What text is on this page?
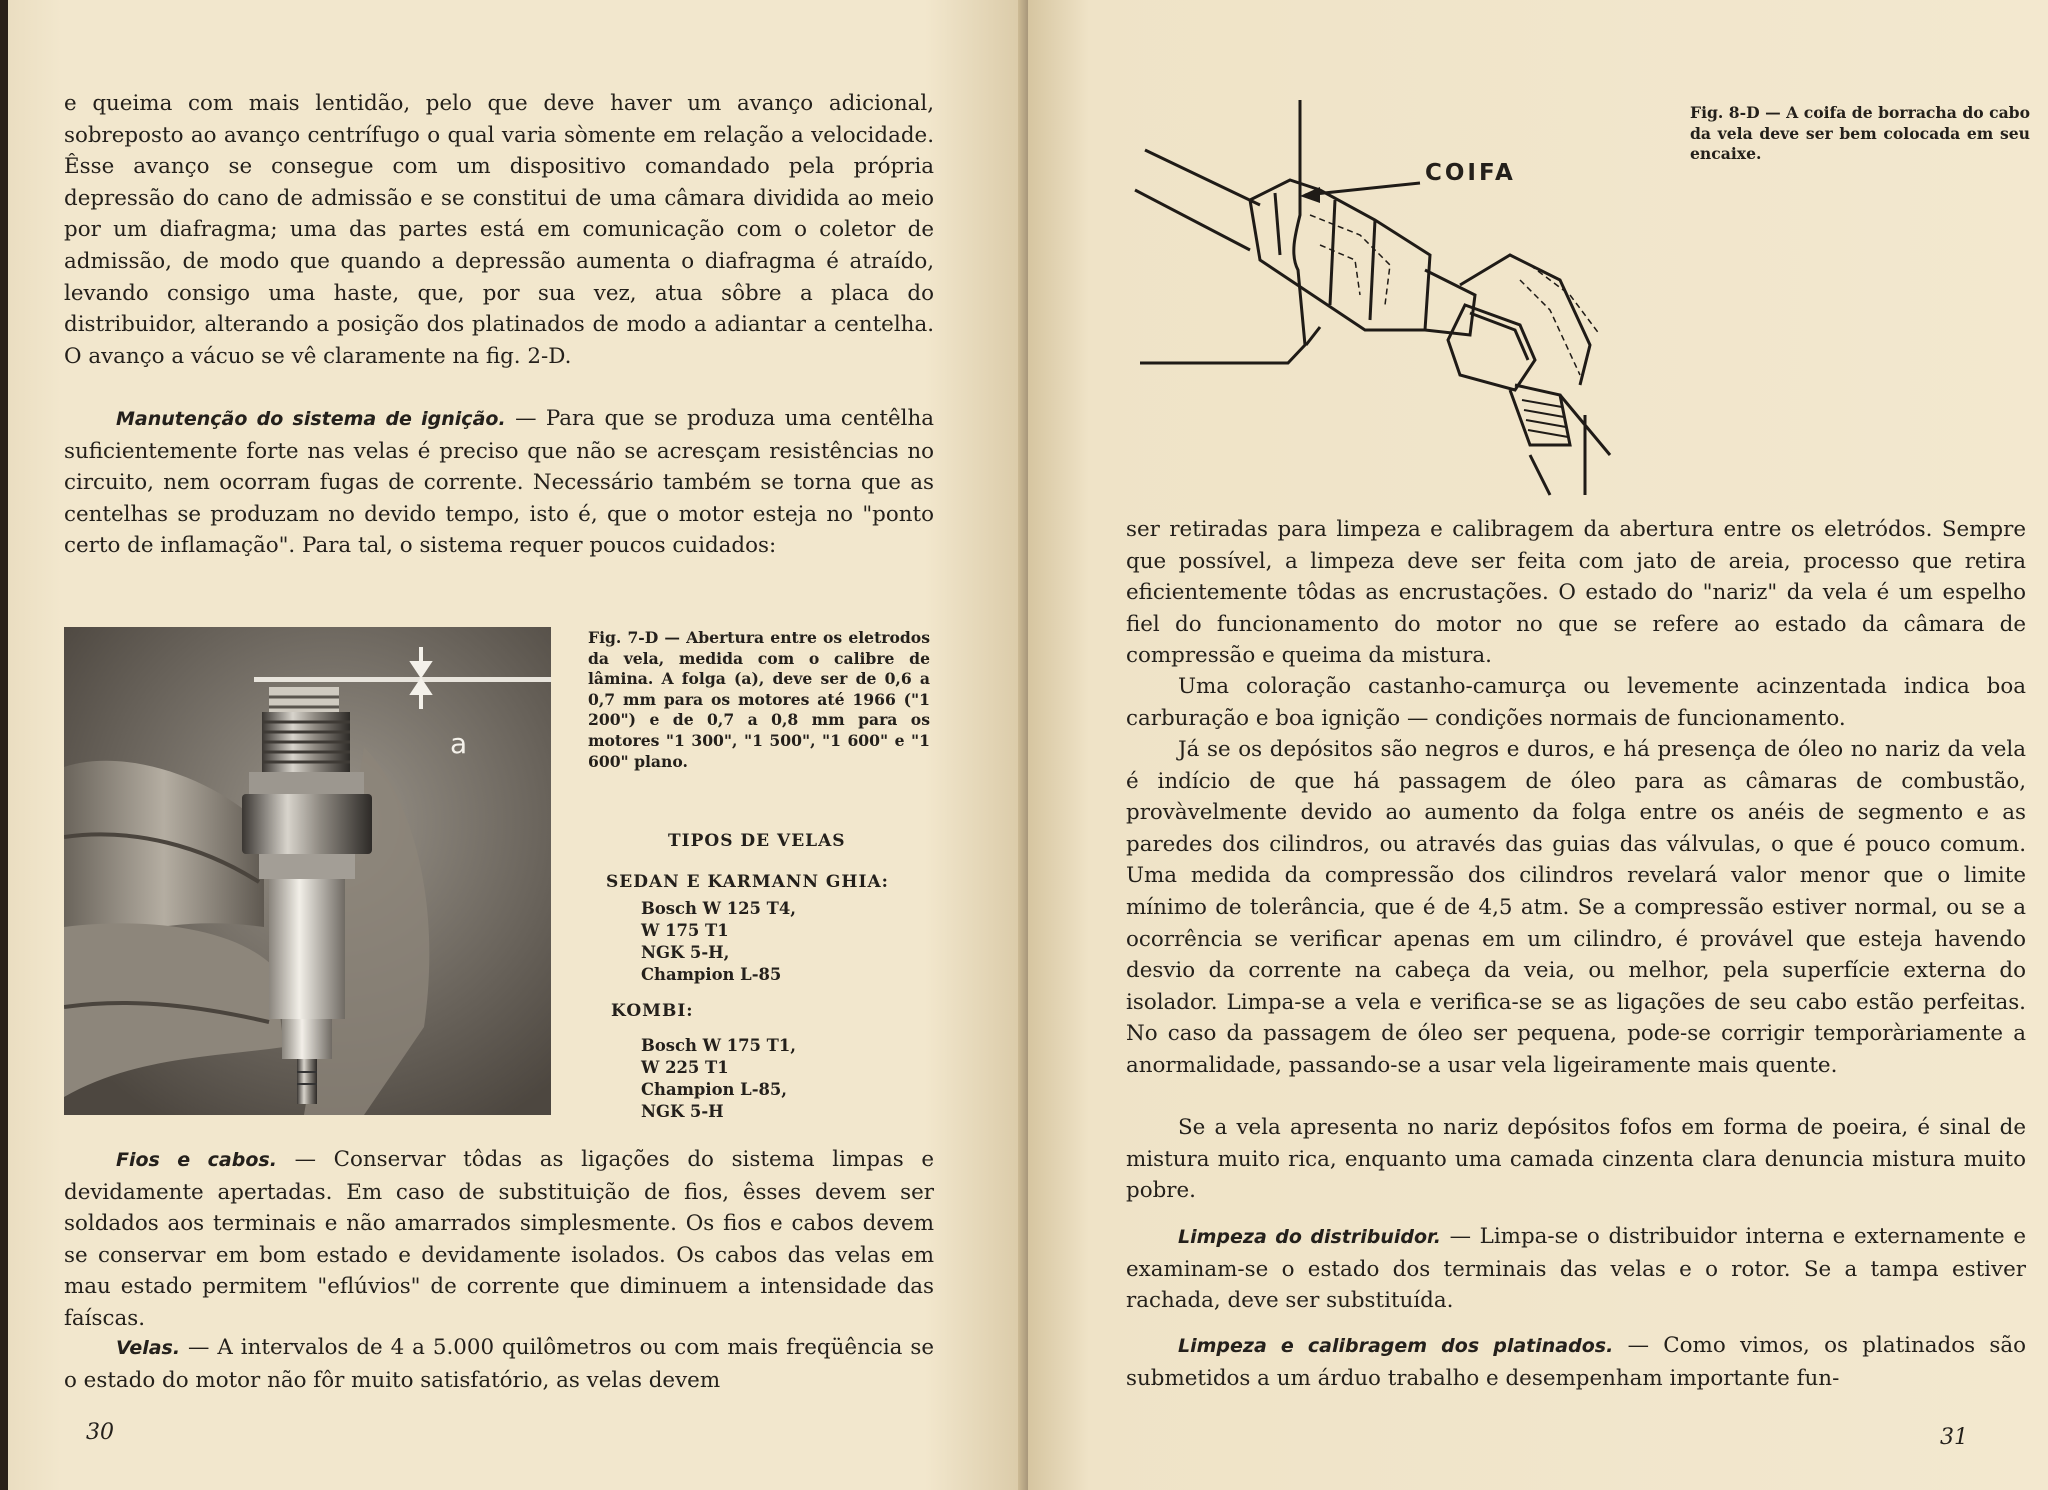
e queima com mais lentidão, pelo que deve haver um avanço adicional, sobreposto ao avanço centrífugo o qual varia sòmente em relação a velocidade. Êsse avanço se consegue com um dispositivo comandado pela própria depressão do cano de admissão e se constitui de uma câmara dividida ao meio por um diafragma; uma das partes está em comunicação com o coletor de admissão, de modo que quando a depressão aumenta o diafragma é atraído, levando consigo uma haste, que, por sua vez, atua sôbre a placa do distribuidor, alterando a posição dos platinados de modo a adiantar a centelha. O avanço a vácuo se vê claramente na fig. 2-D.

Manutenção do sistema de ignição. — Para que se produza uma centêlha suficientemente forte nas velas é preciso que não se acresçam resistências no circuito, nem ocorram fugas de corrente. Necessário também se torna que as centelhas se produzam no devido tempo, isto é, que o motor esteja no "ponto certo de inflamação". Para tal, o sistema requer poucos cuidados:

a

Fig. 7-D — Abertura entre os eletrodos da vela, medida com o calibre de lâmina. A folga (a), deve ser de 0,6 a 0,7 mm para os motores até 1966 ("1 200") e de 0,7 a 0,8 mm para os motores "1 300", "1 500", "1 600" e "1 600" plano.

TIPOS DE VELAS

SEDAN E KARMANN GHIA:

Bosch W 125 T4,
W 175 T1
NGK 5-H,
Champion L-85

KOMBI:

Bosch W 175 T1,
W 225 T1
Champion L-85,
NGK 5-H

Fios e cabos. — Conservar tôdas as ligações do sistema limpas e devidamente apertadas. Em caso de substituição de fios, êsses devem ser soldados aos terminais e não amarrados simplesmente. Os fios e cabos devem se conservar em bom estado e devidamente isolados. Os cabos das velas em mau estado permitem "eflúvios" de corrente que diminuem a intensidade das faíscas.

Velas. — A intervalos de 4 a 5.000 quilômetros ou com mais freqüência se o estado do motor não fôr muito satisfatório, as velas devem

30
COIFA

Fig. 8-D — A coifa de borracha do cabo da vela deve ser bem colocada em seu encaixe.

ser retiradas para limpeza e calibragem da abertura entre os eletródos. Sempre que possível, a limpeza deve ser feita com jato de areia, processo que retira eficientemente tôdas as encrustações. O estado do "nariz" da vela é um espelho fiel do funcionamento do motor no que se refere ao estado da câmara de compressão e queima da mistura.

Uma coloração castanho-camurça ou levemente acinzentada indica boa carburação e boa ignição — condições normais de funcionamento.

Já se os depósitos são negros e duros, e há presença de óleo no nariz da vela é indício de que há passagem de óleo para as câmaras de combustão, provàvelmente devido ao aumento da folga entre os anéis de segmento e as paredes dos cilindros, ou através das guias das válvulas, o que é pouco comum. Uma medida da compressão dos cilindros revelará valor menor que o limite mínimo de tolerância, que é de 4,5 atm. Se a compressão estiver normal, ou se a ocorrência se verificar apenas em um cilindro, é provável que esteja havendo desvio da corrente na cabeça da veia, ou melhor, pela superfície externa do isolador. Limpa-se a vela e verifica-se se as ligações de seu cabo estão perfeitas. No caso da passagem de óleo ser pequena, pode-se corrigir temporàriamente a anormalidade, passando-se a usar vela ligeiramente mais quente.

Se a vela apresenta no nariz depósitos fofos em forma de poeira, é sinal de mistura muito rica, enquanto uma camada cinzenta clara denuncia mistura muito pobre.

Limpeza do distribuidor. — Limpa-se o distribuidor interna e externamente e examinam-se o estado dos terminais das velas e o rotor. Se a tampa estiver rachada, deve ser substituída.

Limpeza e calibragem dos platinados. — Como vimos, os platinados são submetidos a um árduo trabalho e desempenham importante fun-

31
